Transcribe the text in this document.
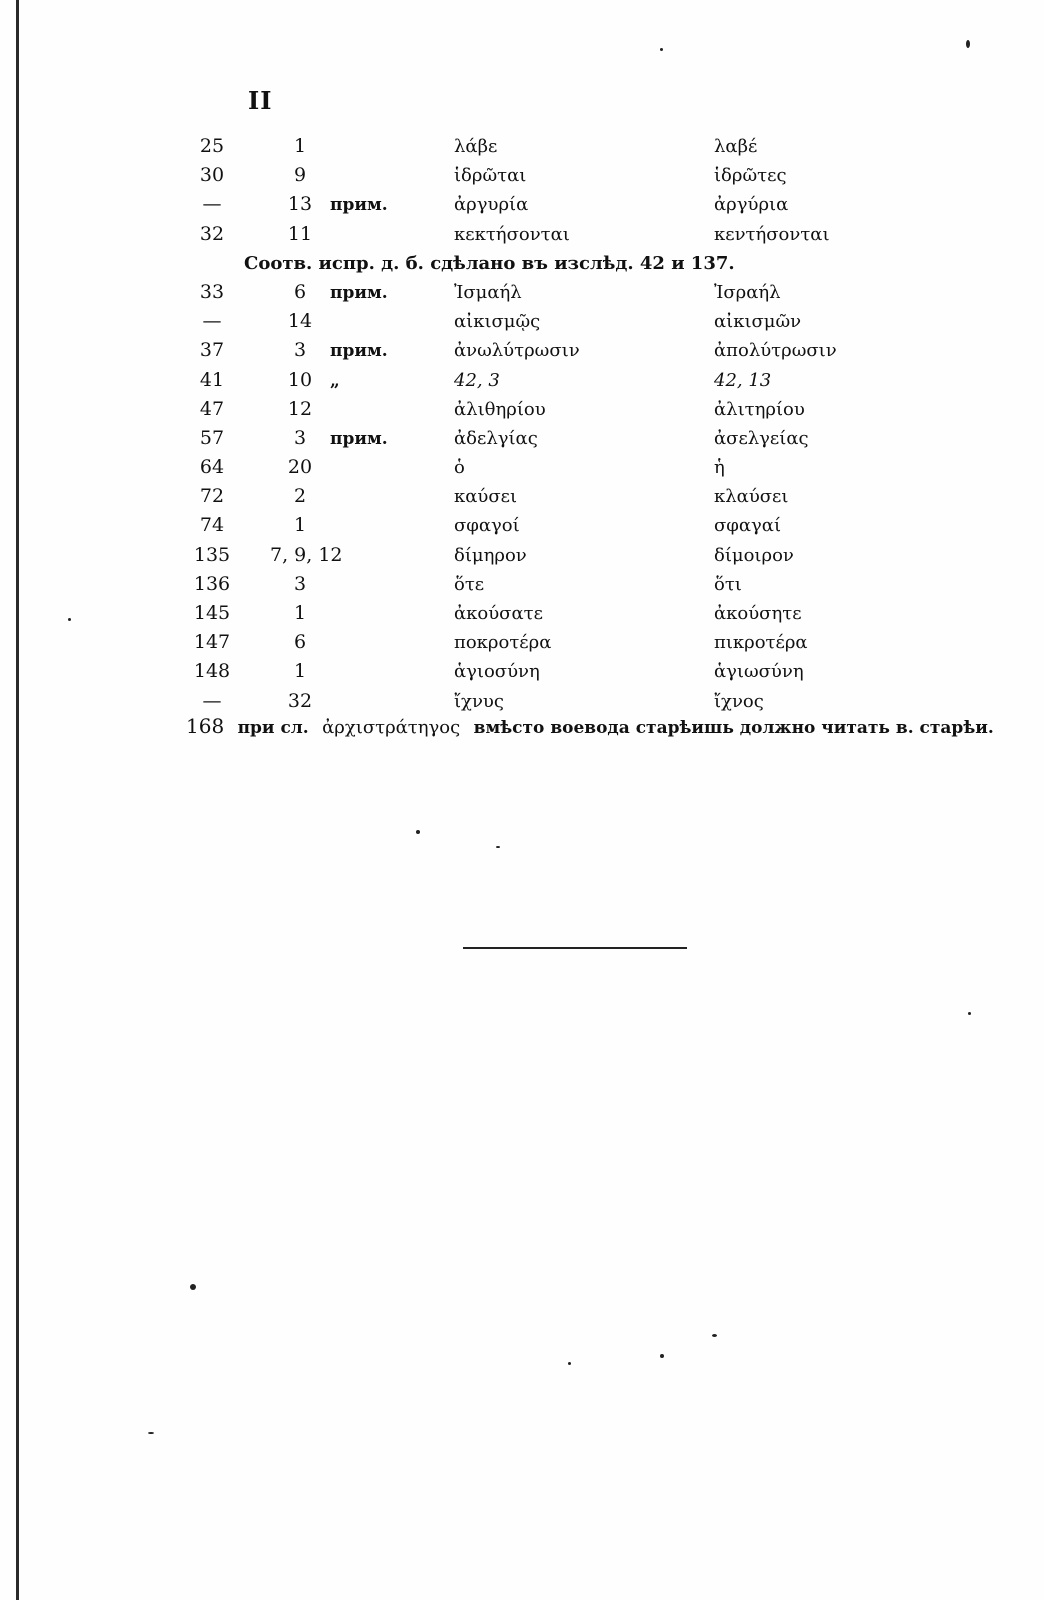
II
25	1	λάβε	λαβέ
30	9	ἱδρῶται	ἱδρῶτες
—	13 прим.	ἀργυρία	ἀργύρια
32	11	κεκτήσονται	κεντήσονται
Соотв. испр. д. б. сдѣлано въ изслѣд. 42 и 137.
33	6 прим.	Ἰσμαήλ	Ἰσραήλ
—	14	αἰκισμῷς	αἰκισμῶν
37	3 прим.	ἀνωλύτρωσιν	ἀπολύτρωσιν
41	10 „	42, 3	42, 13
47	12	ἀλιθηρίου	ἀλιτηρίου
57	3 прим.	ἀδελγίας	ἀσελγείας
64	20	ὁ	ἡ
72	2	καύσει	κλαύσει
74	1	σφαγοί	σφαγαί
135	7, 9, 12	δίμηρον	δίμοιρον
136	3	ὅτε	ὅτι
145	1	ἀκούσατε	ἀκούσητε
147	6	ποκροτέρα	πικροτέρα
148	1	ἁγιοσύνη	ἁγιωσύνη
—	32	ἴχνυς	ἴχνος
168 при сл. ἀρχιστράτηγος вмѣсто воевода старѣишь должно читать в. старѣи.
